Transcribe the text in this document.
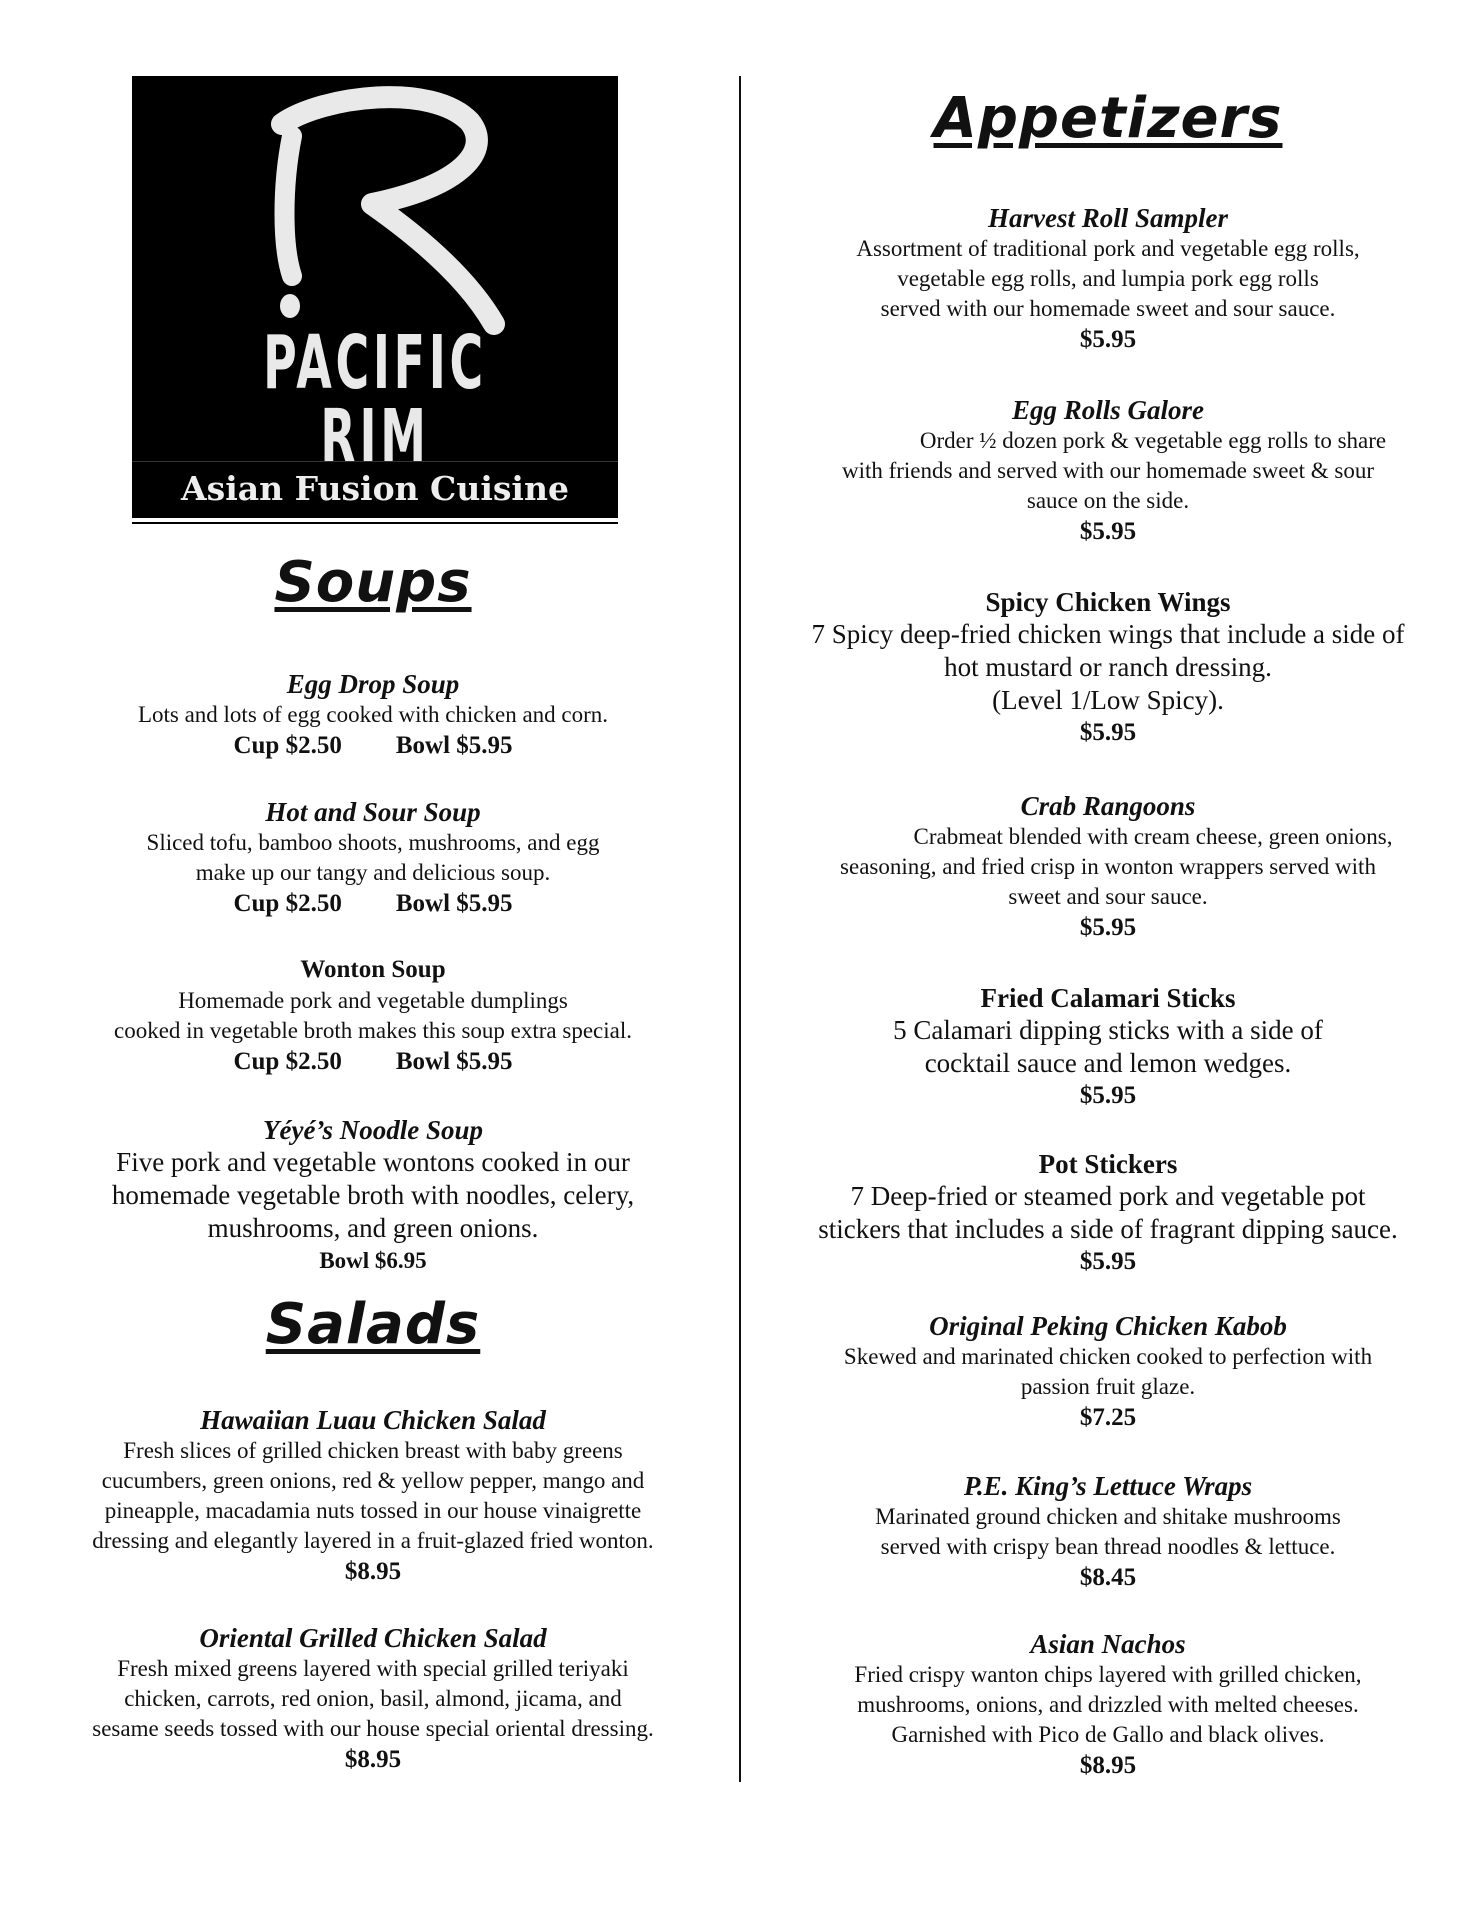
PACIFIC RIM
Asian Fusion Cuisine
Soups
Egg Drop Soup
Lots and lots of egg cooked with chicken and corn.
Cup $2.50 Bowl $5.95
Hot and Sour Soup
Sliced tofu, bamboo shoots, mushrooms, and egg
make up our tangy and delicious soup.
Cup $2.50 Bowl $5.95
Wonton Soup
Homemade pork and vegetable dumplings
cooked in vegetable broth makes this soup extra special.
Cup $2.50 Bowl $5.95
Yéyé’s Noodle Soup
Five pork and vegetable wontons cooked in our
homemade vegetable broth with noodles, celery,
mushrooms, and green onions.
Bowl $6.95
Salads
Hawaiian Luau Chicken Salad
Fresh slices of grilled chicken breast with baby greens
cucumbers, green onions, red & yellow pepper, mango and
pineapple, macadamia nuts tossed in our house vinaigrette
dressing and elegantly layered in a fruit-glazed fried wonton.
$8.95
Oriental Grilled Chicken Salad
Fresh mixed greens layered with special grilled teriyaki
chicken, carrots, red onion, basil, almond, jicama, and
sesame seeds tossed with our house special oriental dressing.
$8.95
Appetizers
Harvest Roll Sampler
Assortment of traditional pork and vegetable egg rolls,
vegetable egg rolls, and lumpia pork egg rolls
served with our homemade sweet and sour sauce.
$5.95
Egg Rolls Galore
Order ½ dozen pork & vegetable egg rolls to share
with friends and served with our homemade sweet & sour
sauce on the side.
$5.95
Spicy Chicken Wings
7 Spicy deep-fried chicken wings that include a side of
hot mustard or ranch dressing.
(Level 1/Low Spicy).
$5.95
Crab Rangoons
Crabmeat blended with cream cheese, green onions,
seasoning, and fried crisp in wonton wrappers served with
sweet and sour sauce.
$5.95
Fried Calamari Sticks
5 Calamari dipping sticks with a side of
cocktail sauce and lemon wedges.
$5.95
Pot Stickers
7 Deep-fried or steamed pork and vegetable pot
stickers that includes a side of fragrant dipping sauce.
$5.95
Original Peking Chicken Kabob
Skewed and marinated chicken cooked to perfection with
passion fruit glaze.
$7.25
P.E. King’s Lettuce Wraps
Marinated ground chicken and shitake mushrooms
served with crispy bean thread noodles & lettuce.
$8.45
Asian Nachos
Fried crispy wanton chips layered with grilled chicken,
mushrooms, onions, and drizzled with melted cheeses.
Garnished with Pico de Gallo and black olives.
$8.95
